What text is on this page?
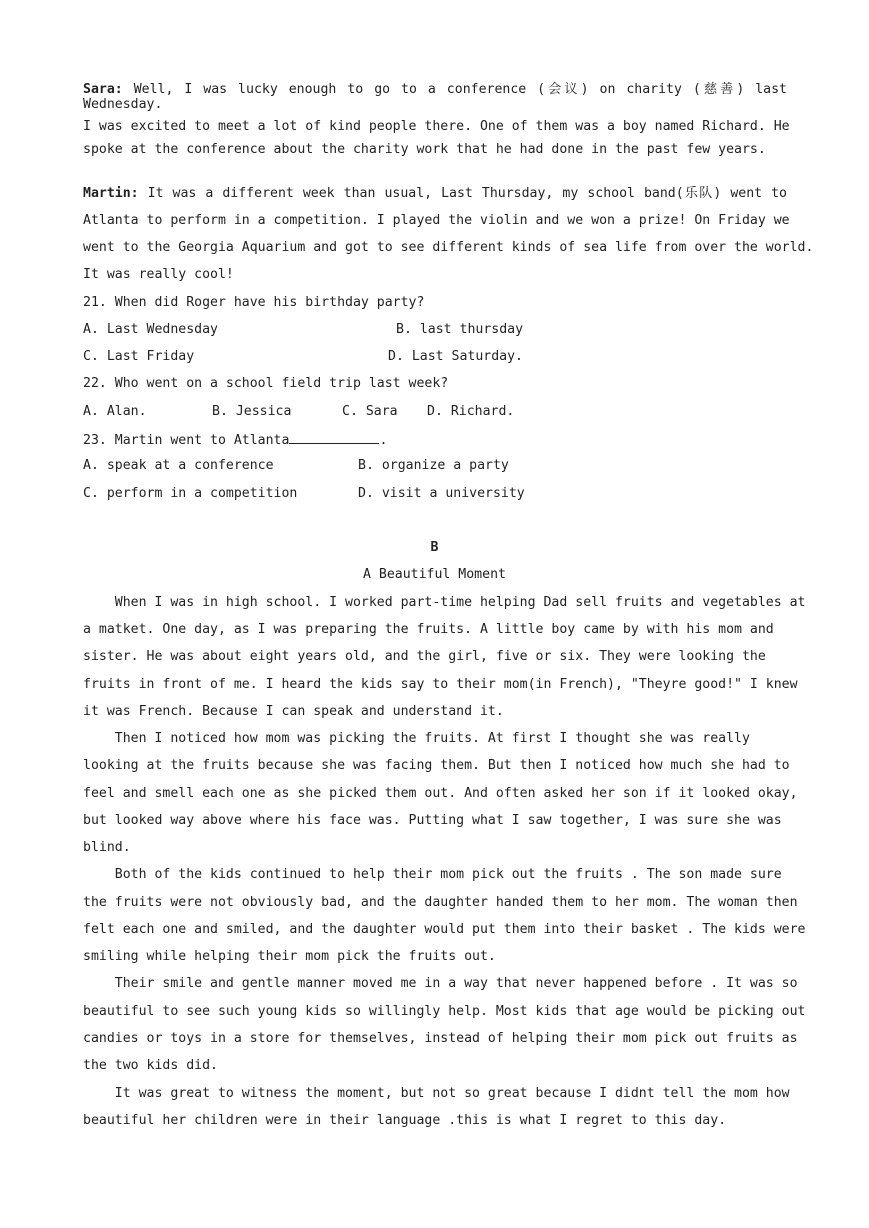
Sara: Well, I was lucky enough to go to a conference (会议) on charity (慈善) last
Wednesday.
I was excited to meet a lot of kind people there. One of them was a boy named Richard. He
spoke at the conference about the charity work that he had done in the past few years.
Martin: It was a different week than usual, Last Thursday, my school band(乐队) went to
Atlanta to perform in a competition. I played the violin and we won a prize! On Friday we
went to the Georgia Aquarium and got to see different kinds of sea life from over the world.
It was really cool!
21. When did Roger have his birthday party?
A. Last Wednesday	B. last thursday
C. Last Friday	D. Last Saturday.
22. Who went on a school field trip last week?
A. Alan.	B. Jessica	C. Sara D. Richard.
23. Martin went to Atlanta	.
A. speak at a conference	B. organize a party
C. perform in a competition	D. visit a university
B
A Beautiful Moment
When I was in high school. I worked part-time helping Dad sell fruits and vegetables at
a matket. One day, as I was preparing the fruits. A little boy came by with his mom and
sister. He was about eight years old, and the girl, five or six. They were looking the
fruits in front of me. I heard the kids say to their mom(in French), "Theyre good!" I knew
it was French. Because I can speak and understand it.
Then I noticed how mom was picking the fruits. At first I thought she was really
looking at the fruits because she was facing them. But then I noticed how much she had to
feel and smell each one as she picked them out. And often asked her son if it looked okay,
but looked way above where his face was. Putting what I saw together, I was sure she was
blind.
Both of the kids continued to help their mom pick out the fruits . The son made sure
the fruits were not obviously bad, and the daughter handed them to her mom. The woman then
felt each one and smiled, and the daughter would put them into their basket . The kids were
smiling while helping their mom pick the fruits out.
Their smile and gentle manner moved me in a way that never happened before . It was so
beautiful to see such young kids so willingly help. Most kids that age would be picking out
candies or toys in a store for themselves, instead of helping their mom pick out fruits as
the two kids did.
It was great to witness the moment, but not so great because I didnt tell the mom how
beautiful her children were in their language .this is what I regret to this day.
